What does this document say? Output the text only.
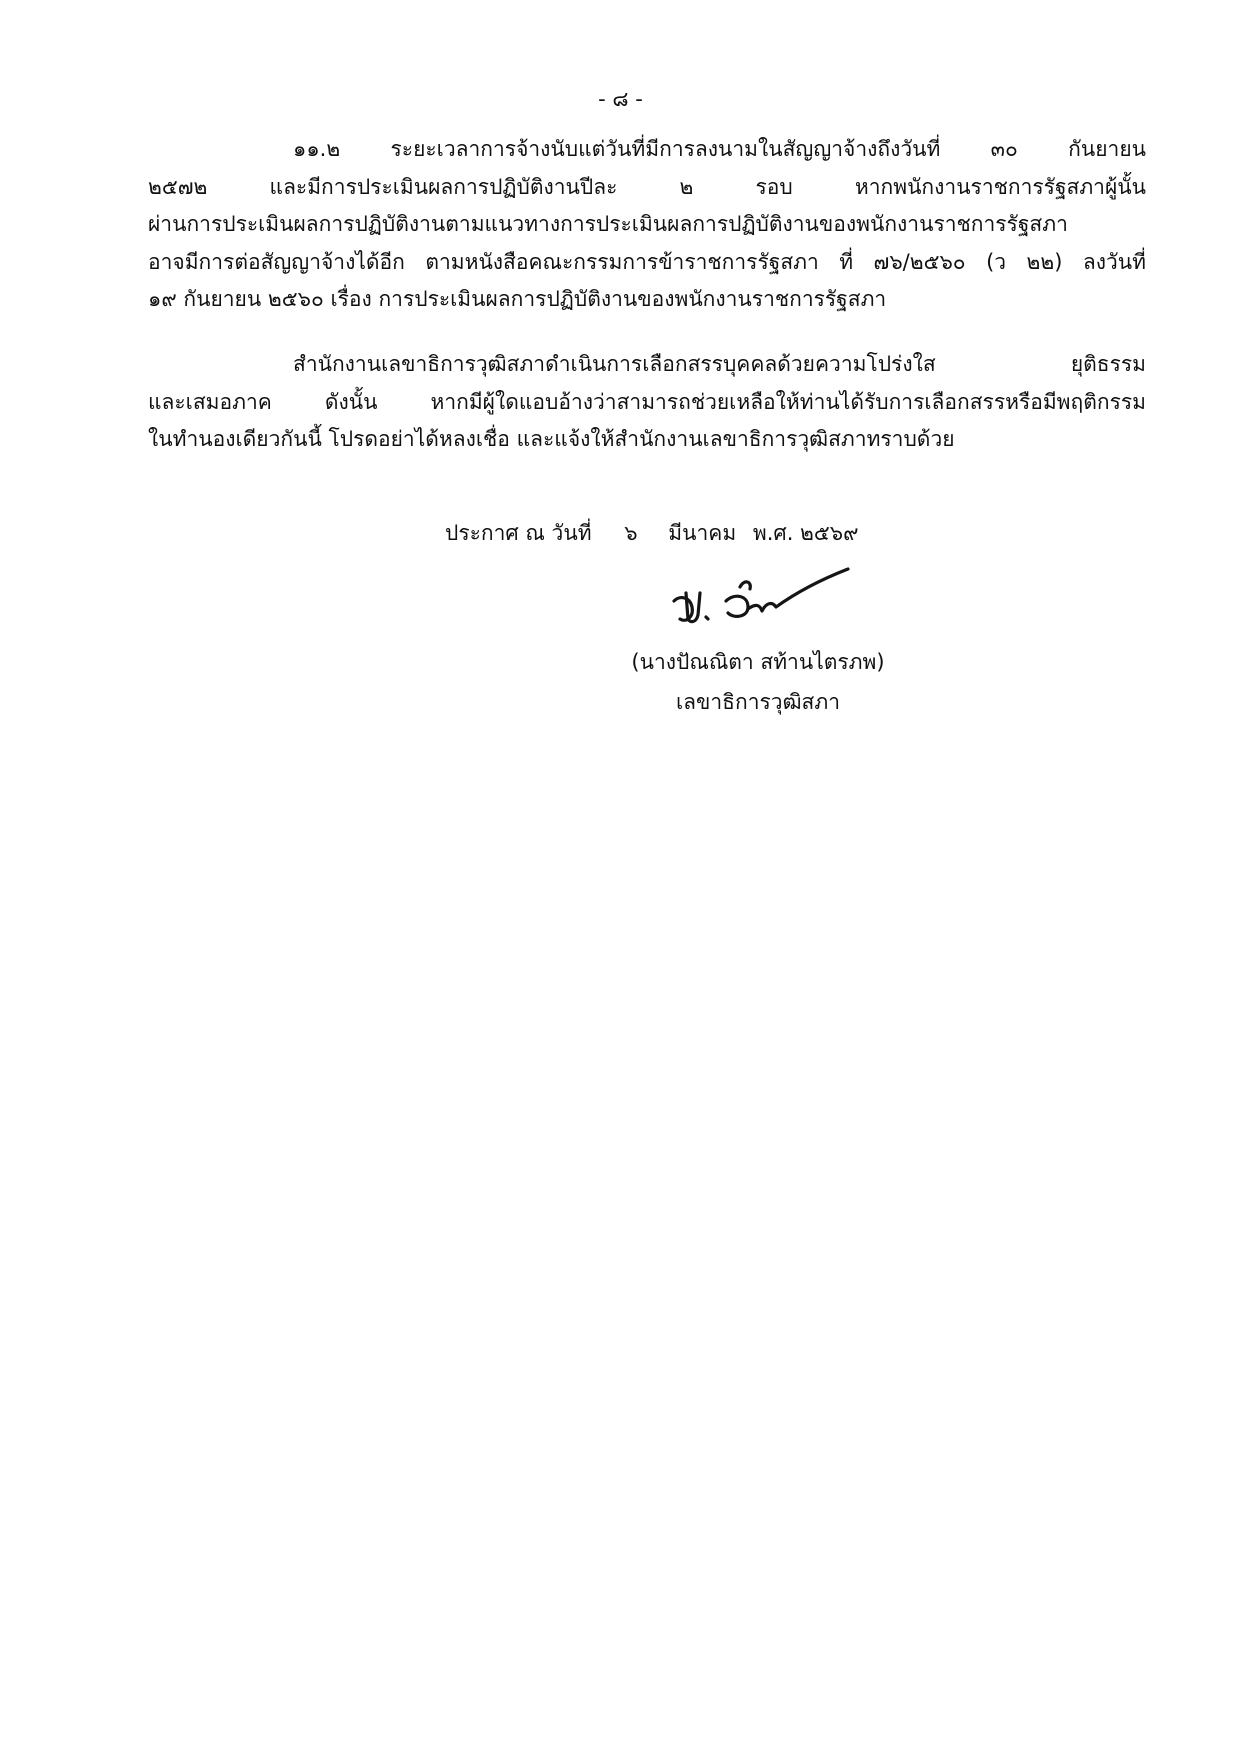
- ๘ -
๑๑.๒ ระยะเวลาการจ้างนับแต่วันที่มีการลงนามในสัญญาจ้างถึงวันที่ ๓๐ กันยายน
๒๕๗๒ และมีการประเมินผลการปฏิบัติงานปีละ ๒ รอบ หากพนักงานราชการรัฐสภาผู้นั้น
ผ่านการประเมินผลการปฏิบัติงานตามแนวทางการประเมินผลการปฏิบัติงานของพนักงานราชการรัฐสภา
อาจมีการต่อสัญญาจ้างได้อีก ตามหนังสือคณะกรรมการข้าราชการรัฐสภา ที่ ๗๖/๒๕๖๐ (ว ๒๒) ลงวันที่
๑๙ กันยายน ๒๕๖๐ เรื่อง การประเมินผลการปฏิบัติงานของพนักงานราชการรัฐสภา
สำนักงานเลขาธิการวุฒิสภาดำเนินการเลือกสรรบุคคลด้วยความโปร่งใส ยุติธรรม
และเสมอภาค ดังนั้น หากมีผู้ใดแอบอ้างว่าสามารถช่วยเหลือให้ท่านได้รับการเลือกสรรหรือมีพฤติกรรม
ในทำนองเดียวกันนี้ โปรดอย่าได้หลงเชื่อ และแจ้งให้สำนักงานเลขาธิการวุฒิสภาทราบด้วย
ประกาศ ณ วันที่ ๖ มีนาคม พ.ศ. ๒๕๖๙
(นางปัณณิตา สท้านไตรภพ)
เลขาธิการวุฒิสภา
